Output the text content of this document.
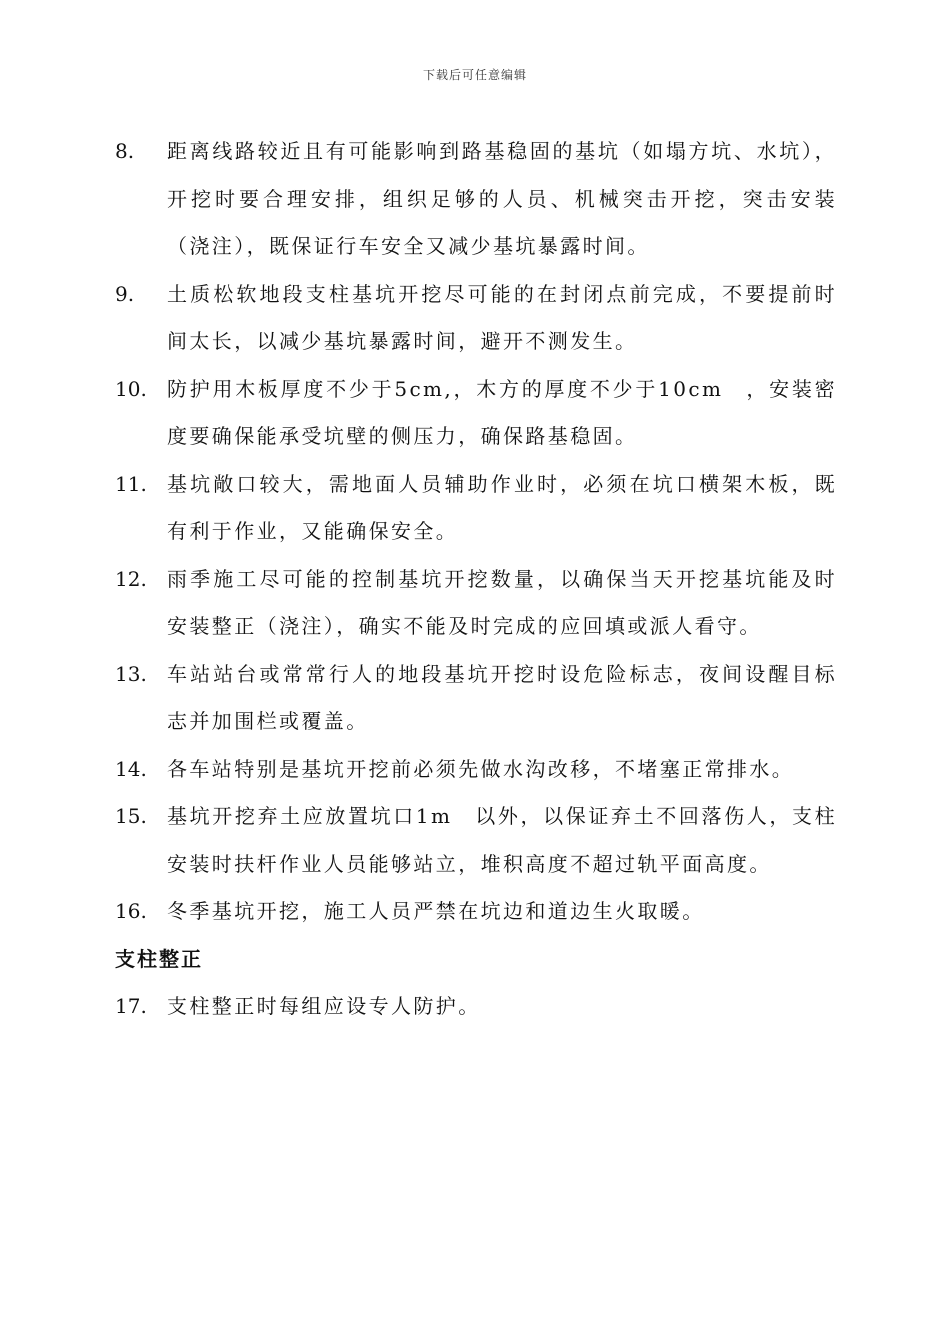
下载后可任意编辑
8. 距离线路较近且有可能影响到路基稳固的基坑（如塌方坑、水坑），开挖时要合理安排，组织足够的人员、机械突击开挖，突击安装（浇注），既保证行车安全又减少基坑暴露时间。
9. 土质松软地段支柱基坑开挖尽可能的在封闭点前完成，不要提前时间太长，以减少基坑暴露时间，避开不测发生。
10. 防护用木板厚度不少于5cm,，木方的厚度不少于10cm　，安装密度要确保能承受坑壁的侧压力，确保路基稳固。
11. 基坑敞口较大，需地面人员辅助作业时，必须在坑口横架木板，既有利于作业，又能确保安全。
12. 雨季施工尽可能的控制基坑开挖数量，以确保当天开挖基坑能及时安装整正（浇注），确实不能及时完成的应回填或派人看守。
13. 车站站台或常常行人的地段基坑开挖时设危险标志，夜间设醒目标志并加围栏或覆盖。
14. 各车站特别是基坑开挖前必须先做水沟改移，不堵塞正常排水。
15. 基坑开挖弃土应放置坑口1m　以外，以保证弃土不回落伤人，支柱安装时扶杆作业人员能够站立，堆积高度不超过轨平面高度。
16. 冬季基坑开挖，施工人员严禁在坑边和道边生火取暖。
支柱整正
17. 支柱整正时每组应设专人防护。
